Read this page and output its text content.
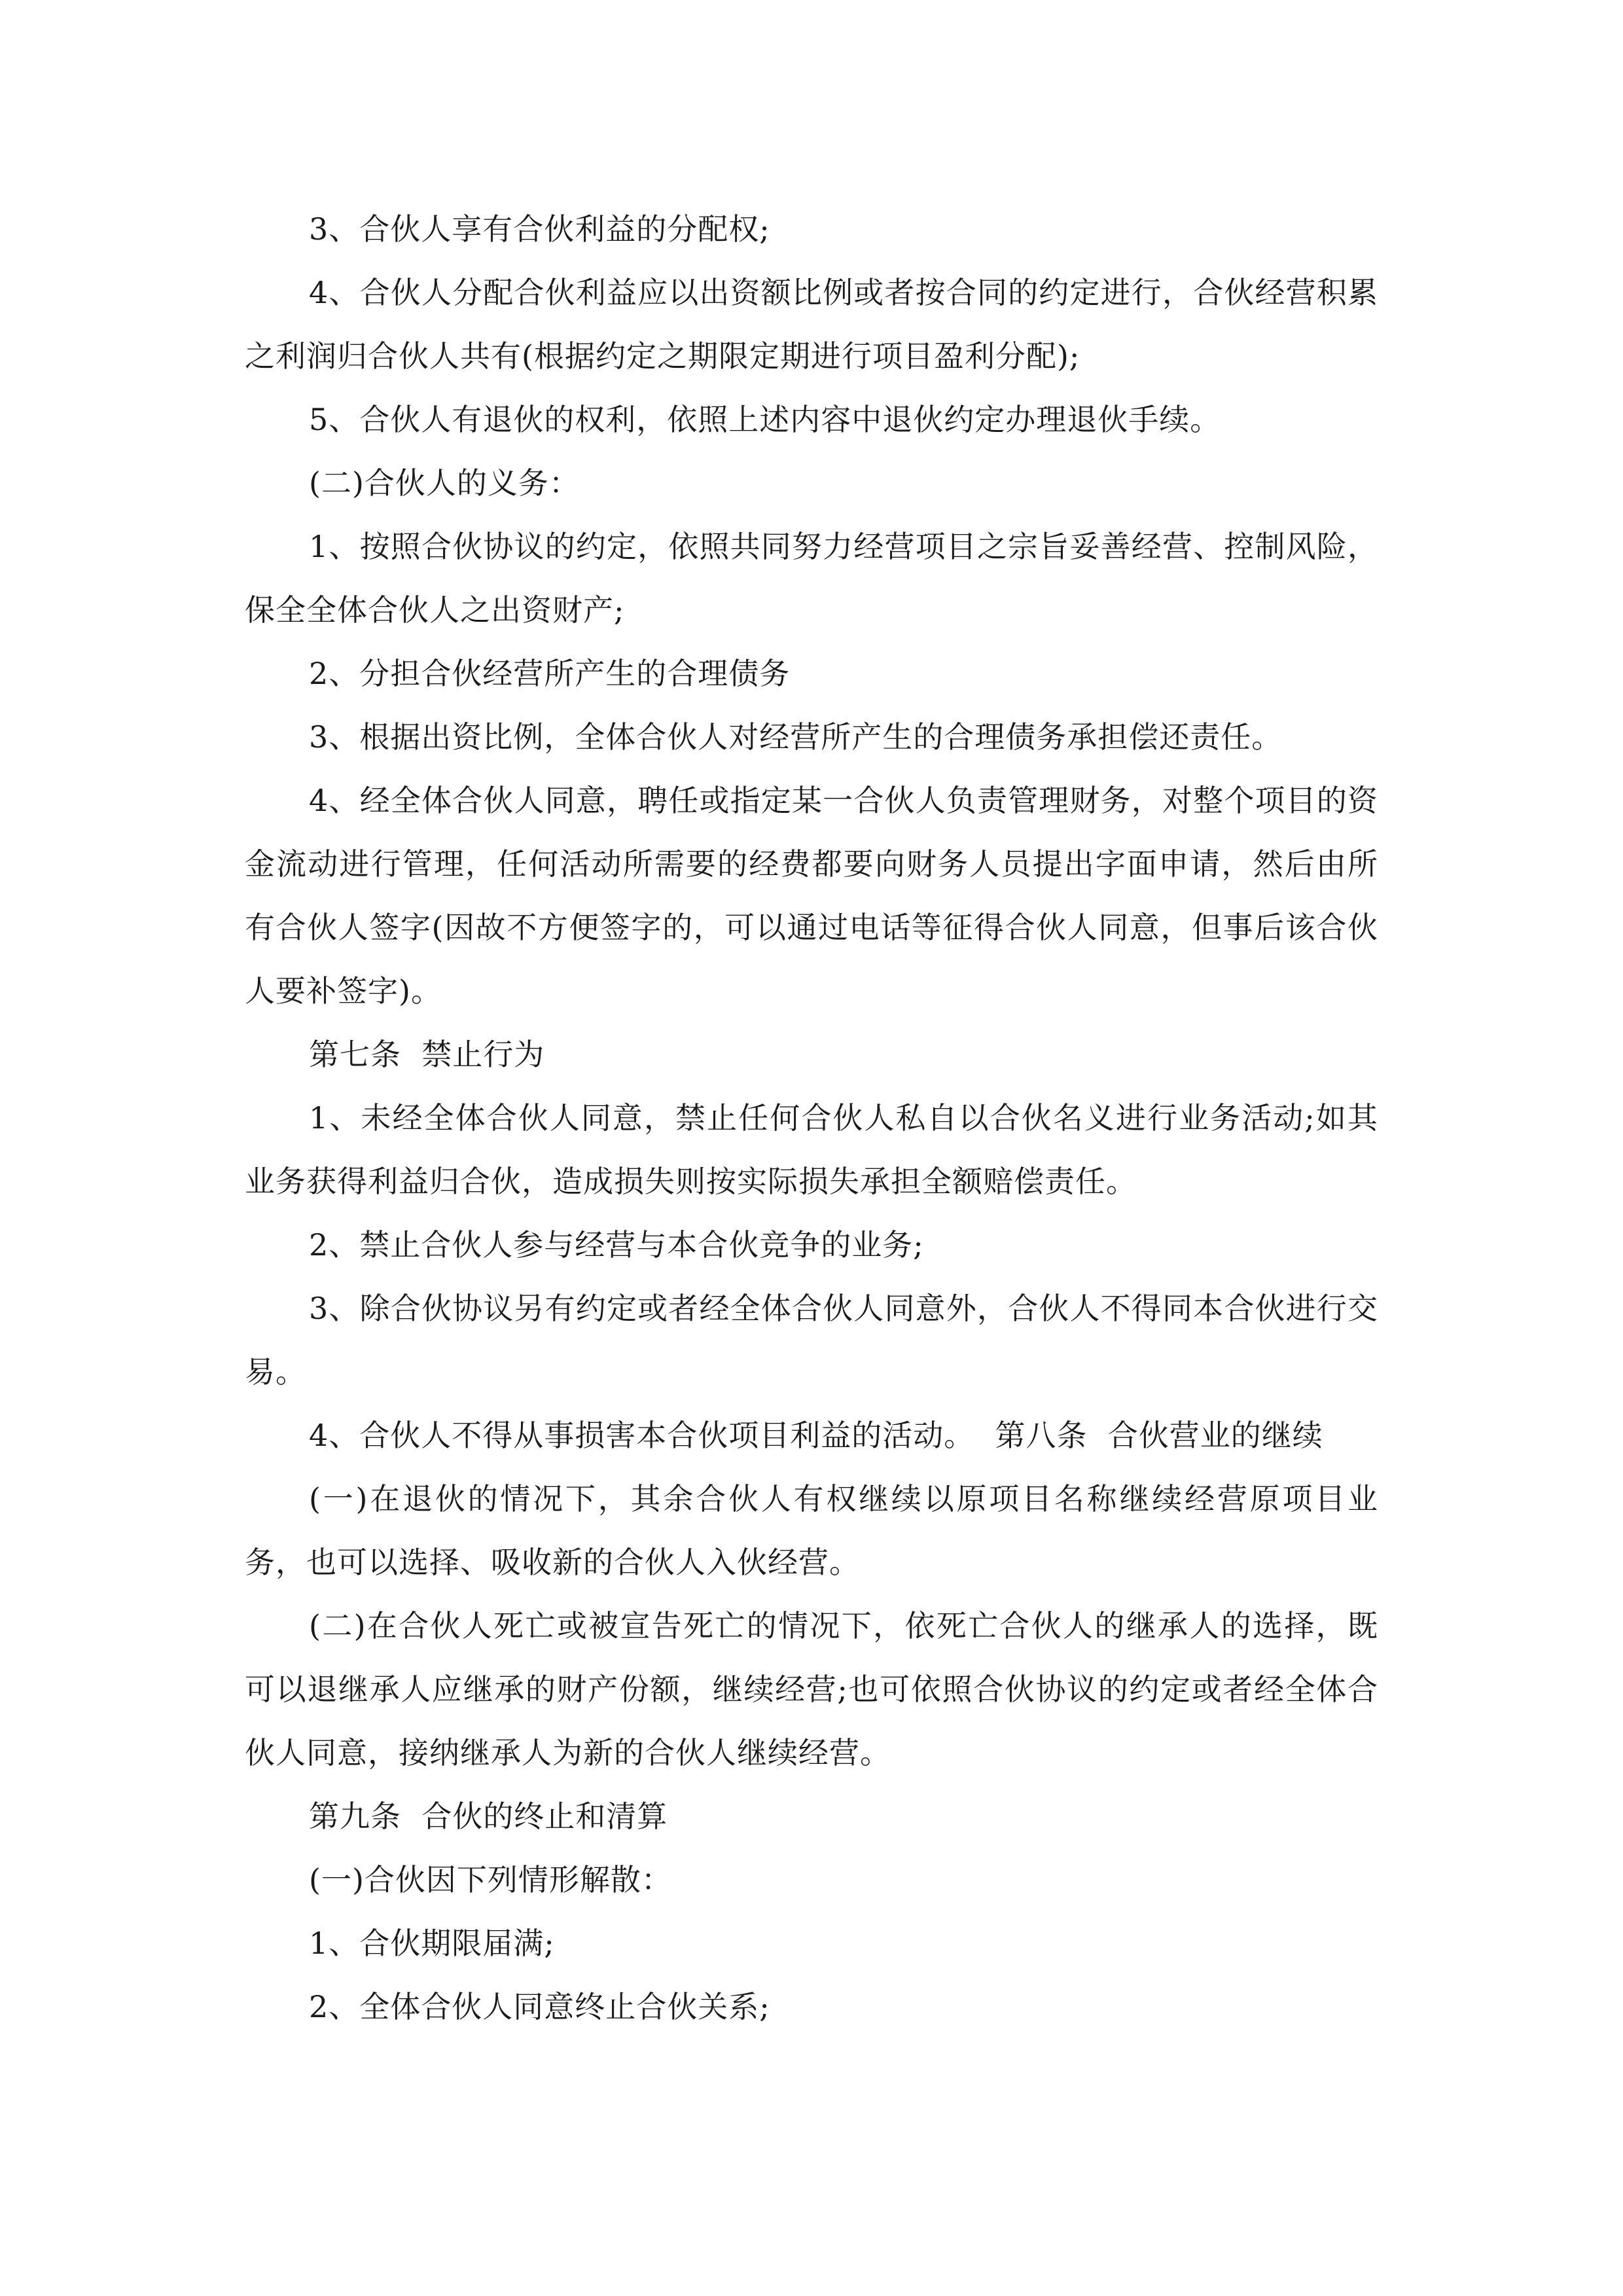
3、合伙人享有合伙利益的分配权;

4、合伙人分配合伙利益应以出资额比例或者按合同的约定进行，合伙经营积累之利润归合伙人共有(根据约定之期限定期进行项目盈利分配);

5、合伙人有退伙的权利，依照上述内容中退伙约定办理退伙手续。

(二)合伙人的义务：

1、按照合伙协议的约定，依照共同努力经营项目之宗旨妥善经营、控制风险，保全全体合伙人之出资财产;

2、分担合伙经营所产生的合理债务

3、根据出资比例，全体合伙人对经营所产生的合理债务承担偿还责任。

4、经全体合伙人同意，聘任或指定某一合伙人负责管理财务，对整个项目的资金流动进行管理，任何活动所需要的经费都要向财务人员提出字面申请，然后由所有合伙人签字(因故不方便签字的，可以通过电话等征得合伙人同意，但事后该合伙人要补签字)。

第七条  禁止行为

1、未经全体合伙人同意，禁止任何合伙人私自以合伙名义进行业务活动;如其业务获得利益归合伙，造成损失则按实际损失承担全额赔偿责任。

2、禁止合伙人参与经营与本合伙竞争的业务;

3、除合伙协议另有约定或者经全体合伙人同意外，合伙人不得同本合伙进行交易。

4、合伙人不得从事损害本合伙项目利益的活动。  第八条  合伙营业的继续

(一)在退伙的情况下，其余合伙人有权继续以原项目名称继续经营原项目业务，也可以选择、吸收新的合伙人入伙经营。

(二)在合伙人死亡或被宣告死亡的情况下，依死亡合伙人的继承人的选择，既可以退继承人应继承的财产份额，继续经营;也可依照合伙协议的约定或者经全体合伙人同意，接纳继承人为新的合伙人继续经营。

第九条  合伙的终止和清算

(一)合伙因下列情形解散：

1、合伙期限届满;

2、全体合伙人同意终止合伙关系;
